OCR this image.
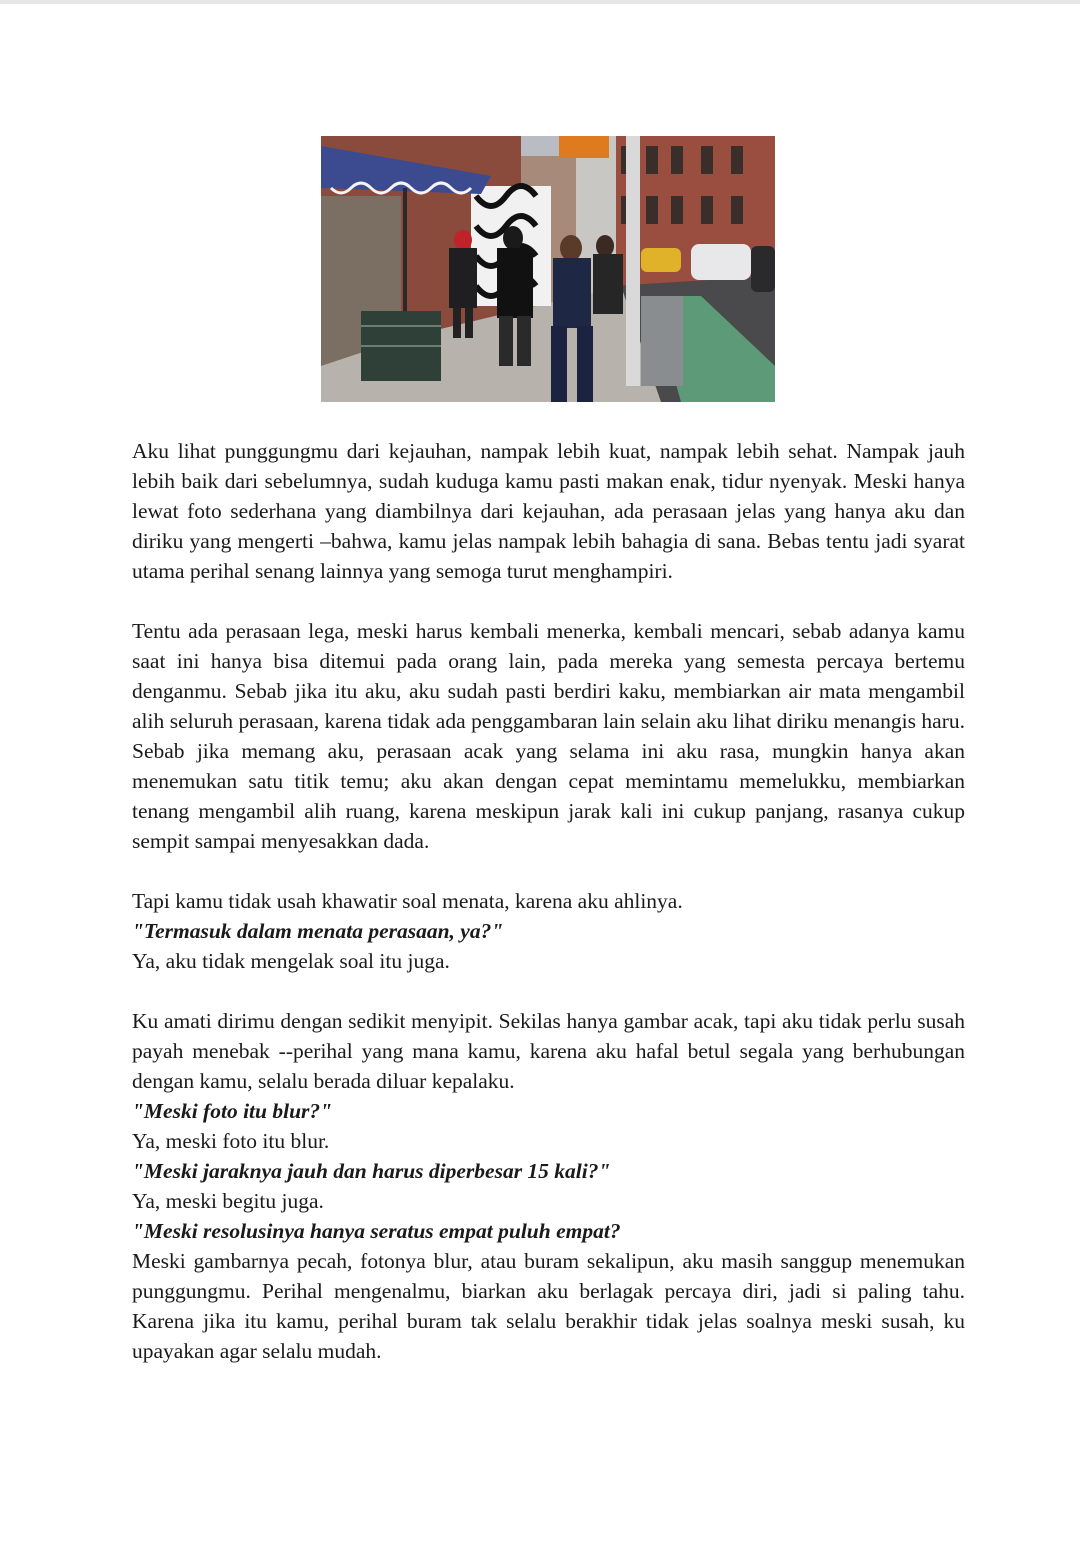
Aku lihat punggungmu dari kejauhan, nampak lebih kuat, nampak lebih sehat. Nampak jauh lebih baik dari sebelumnya, sudah kuduga kamu pasti makan enak, tidur nyenyak. Meski hanya lewat foto sederhana yang diambilnya dari kejauhan, ada perasaan jelas yang hanya aku dan diriku yang mengerti –bahwa, kamu jelas nampak lebih bahagia di sana. Bebas tentu jadi syarat utama perihal senang lainnya yang semoga turut menghampiri.

Tentu ada perasaan lega, meski harus kembali menerka, kembali mencari, sebab adanya kamu saat ini hanya bisa ditemui pada orang lain, pada mereka yang semesta percaya bertemu denganmu. Sebab jika itu aku, aku sudah pasti berdiri kaku, membiarkan air mata mengambil alih seluruh perasaan, karena tidak ada penggambaran lain selain aku lihat diriku menangis haru. Sebab jika memang aku, perasaan acak yang selama ini aku rasa, mungkin hanya akan menemukan satu titik temu; aku akan dengan cepat memintamu memelukku, membiarkan tenang mengambil alih ruang, karena meskipun jarak kali ini cukup panjang, rasanya cukup sempit sampai menyesakkan dada.

Tapi kamu tidak usah khawatir soal menata, karena aku ahlinya.

"Termasuk dalam menata perasaan, ya?"

Ya, aku tidak mengelak soal itu juga.

Ku amati dirimu dengan sedikit menyipit. Sekilas hanya gambar acak, tapi aku tidak perlu susah payah menebak --perihal yang mana kamu, karena aku hafal betul segala yang berhubungan dengan kamu, selalu berada diluar kepalaku.

"Meski foto itu blur?"

Ya, meski foto itu blur.

"Meski jaraknya jauh dan harus diperbesar 15 kali?"

Ya, meski begitu juga.

"Meski resolusinya hanya seratus empat puluh empat?

Meski gambarnya pecah, fotonya blur, atau buram sekalipun, aku masih sanggup menemukan punggungmu. Perihal mengenalmu, biarkan aku berlagak percaya diri, jadi si paling tahu. Karena jika itu kamu, perihal buram tak selalu berakhir tidak jelas soalnya meski susah, ku upayakan agar selalu mudah.
